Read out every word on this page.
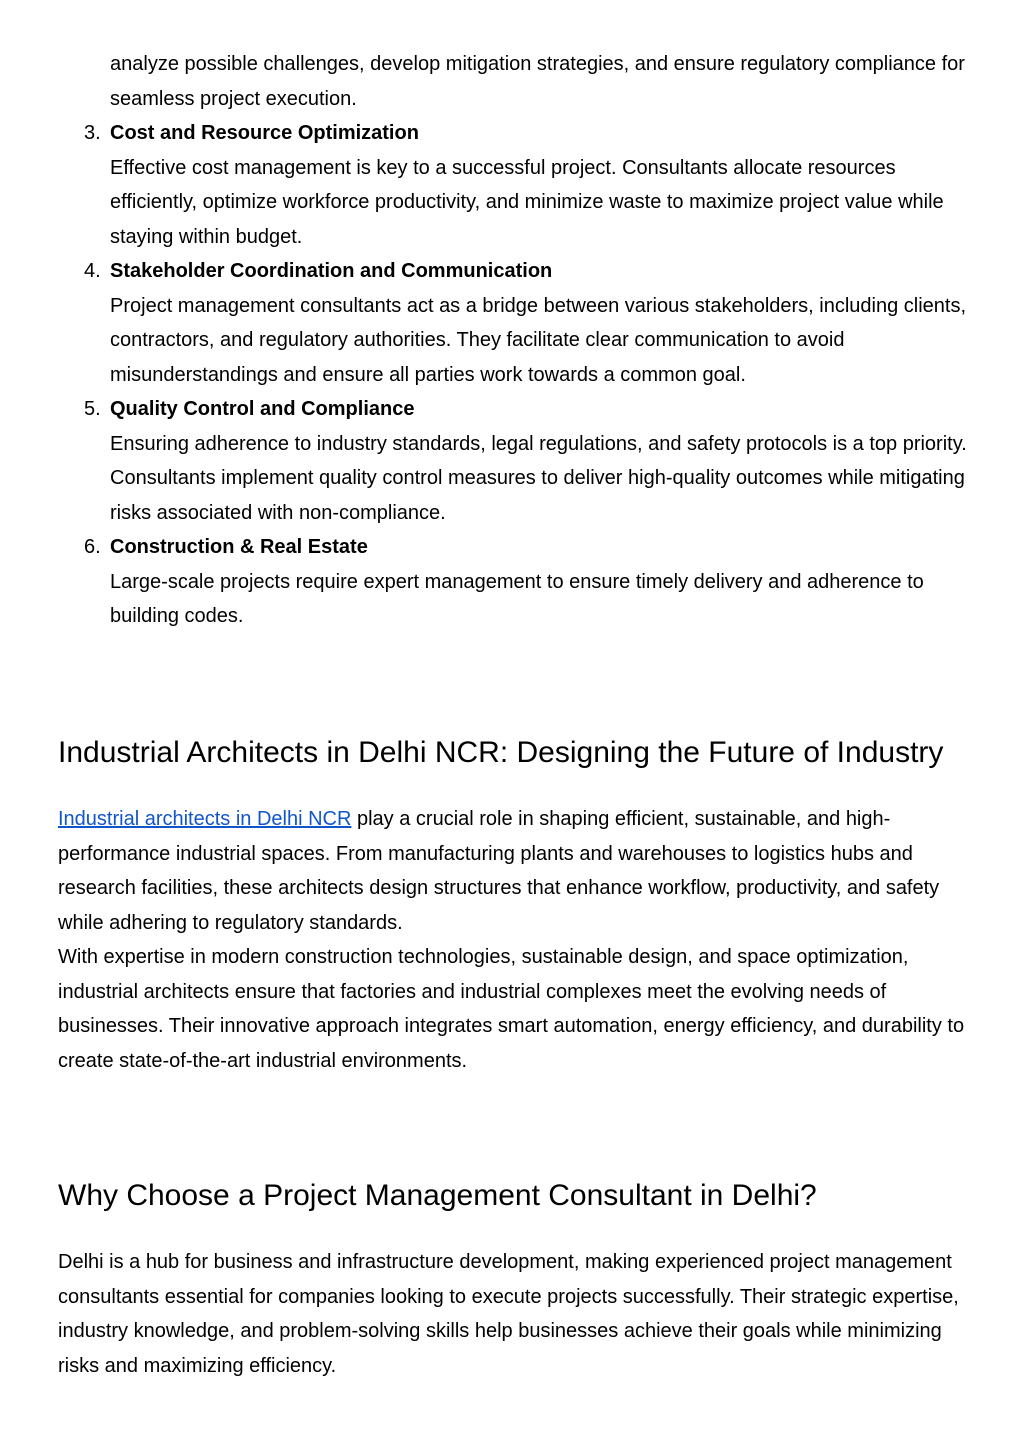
analyze possible challenges, develop mitigation strategies, and ensure regulatory compliance for seamless project execution.

3. Cost and Resource Optimization
Effective cost management is key to a successful project. Consultants allocate resources efficiently, optimize workforce productivity, and minimize waste to maximize project value while staying within budget.
4. Stakeholder Coordination and Communication
Project management consultants act as a bridge between various stakeholders, including clients, contractors, and regulatory authorities. They facilitate clear communication to avoid misunderstandings and ensure all parties work towards a common goal.
5. Quality Control and Compliance
Ensuring adherence to industry standards, legal regulations, and safety protocols is a top priority. Consultants implement quality control measures to deliver high-quality outcomes while mitigating risks associated with non-compliance.
6. Construction & Real Estate
Large-scale projects require expert management to ensure timely delivery and adherence to building codes.
Industrial Architects in Delhi NCR: Designing the Future of Industry

Industrial architects in Delhi NCR play a crucial role in shaping efficient, sustainable, and high-performance industrial spaces. From manufacturing plants and warehouses to logistics hubs and research facilities, these architects design structures that enhance workflow, productivity, and safety while adhering to regulatory standards.

With expertise in modern construction technologies, sustainable design, and space optimization, industrial architects ensure that factories and industrial complexes meet the evolving needs of businesses. Their innovative approach integrates smart automation, energy efficiency, and durability to create state-of-the-art industrial environments.

Why Choose a Project Management Consultant in Delhi?

Delhi is a hub for business and infrastructure development, making experienced project management consultants essential for companies looking to execute projects successfully. Their strategic expertise, industry knowledge, and problem-solving skills help businesses achieve their goals while minimizing risks and maximizing efficiency.
